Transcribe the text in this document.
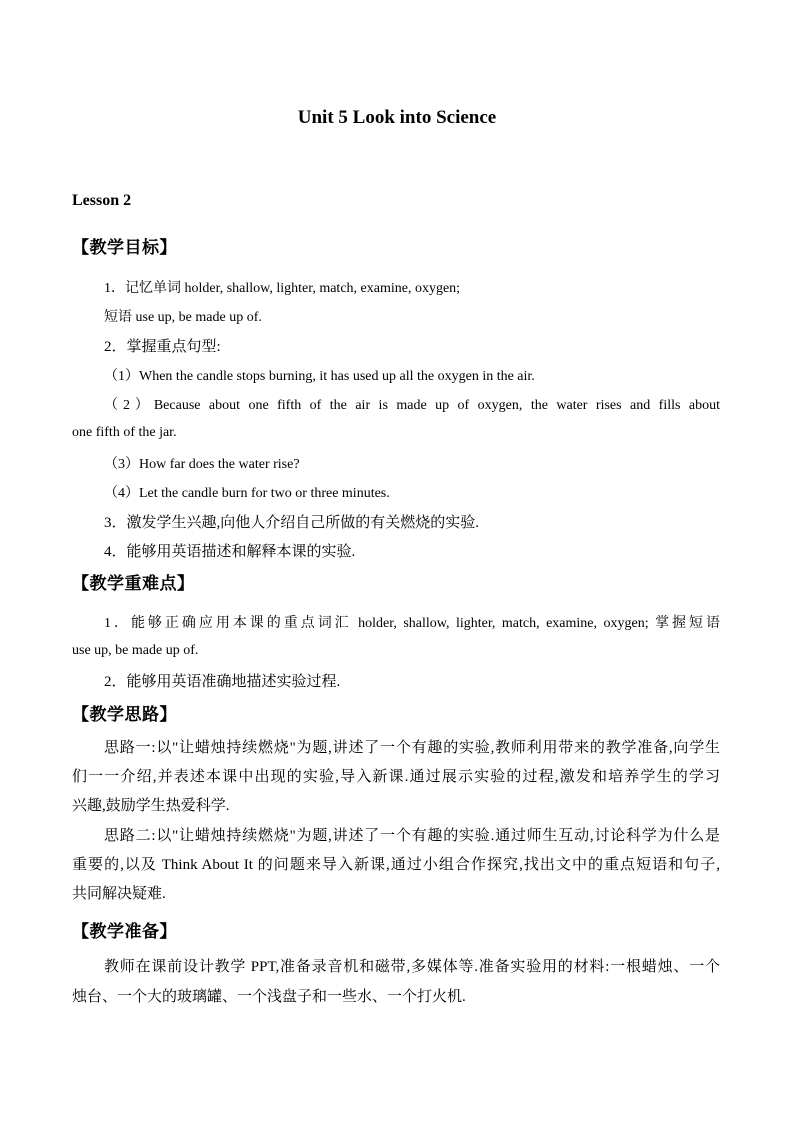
Unit 5 Look into Science
Lesson 2
【教学目标】
1．记忆单词 holder, shallow, lighter, match, examine, oxygen;
短语 use up, be made up of.
2．掌握重点句型:
（1）When the candle stops burning, it has used up all the oxygen in the air.
（2）Because about one fifth of the air is made up of oxygen, the water rises and fills about
one fifth of the jar.
（3）How far does the water rise?
（4）Let the candle burn for two or three minutes.
3．激发学生兴趣,向他人介绍自己所做的有关燃烧的实验.
4．能够用英语描述和解释本课的实验.
【教学重难点】
1．能够正确应用本课的重点词汇 holder, shallow, lighter, match, examine, oxygen; 掌握短语
use up, be made up of.
2．能够用英语准确地描述实验过程.
【教学思路】
思路一:以"让蜡烛持续燃烧"为题,讲述了一个有趣的实验,教师利用带来的教学准备,向学生
们一一介绍,并表述本课中出现的实验,导入新课.通过展示实验的过程,激发和培养学生的学习
兴趣,鼓励学生热爱科学.
思路二:以"让蜡烛持续燃烧"为题,讲述了一个有趣的实验.通过师生互动,讨论科学为什么是
重要的,以及 Think About It 的问题来导入新课,通过小组合作探究,找出文中的重点短语和句子,
共同解决疑难.
【教学准备】
教师在课前设计教学 PPT,准备录音机和磁带,多媒体等.准备实验用的材料:一根蜡烛、一个
烛台、一个大的玻璃罐、一个浅盘子和一些水、一个打火机.
